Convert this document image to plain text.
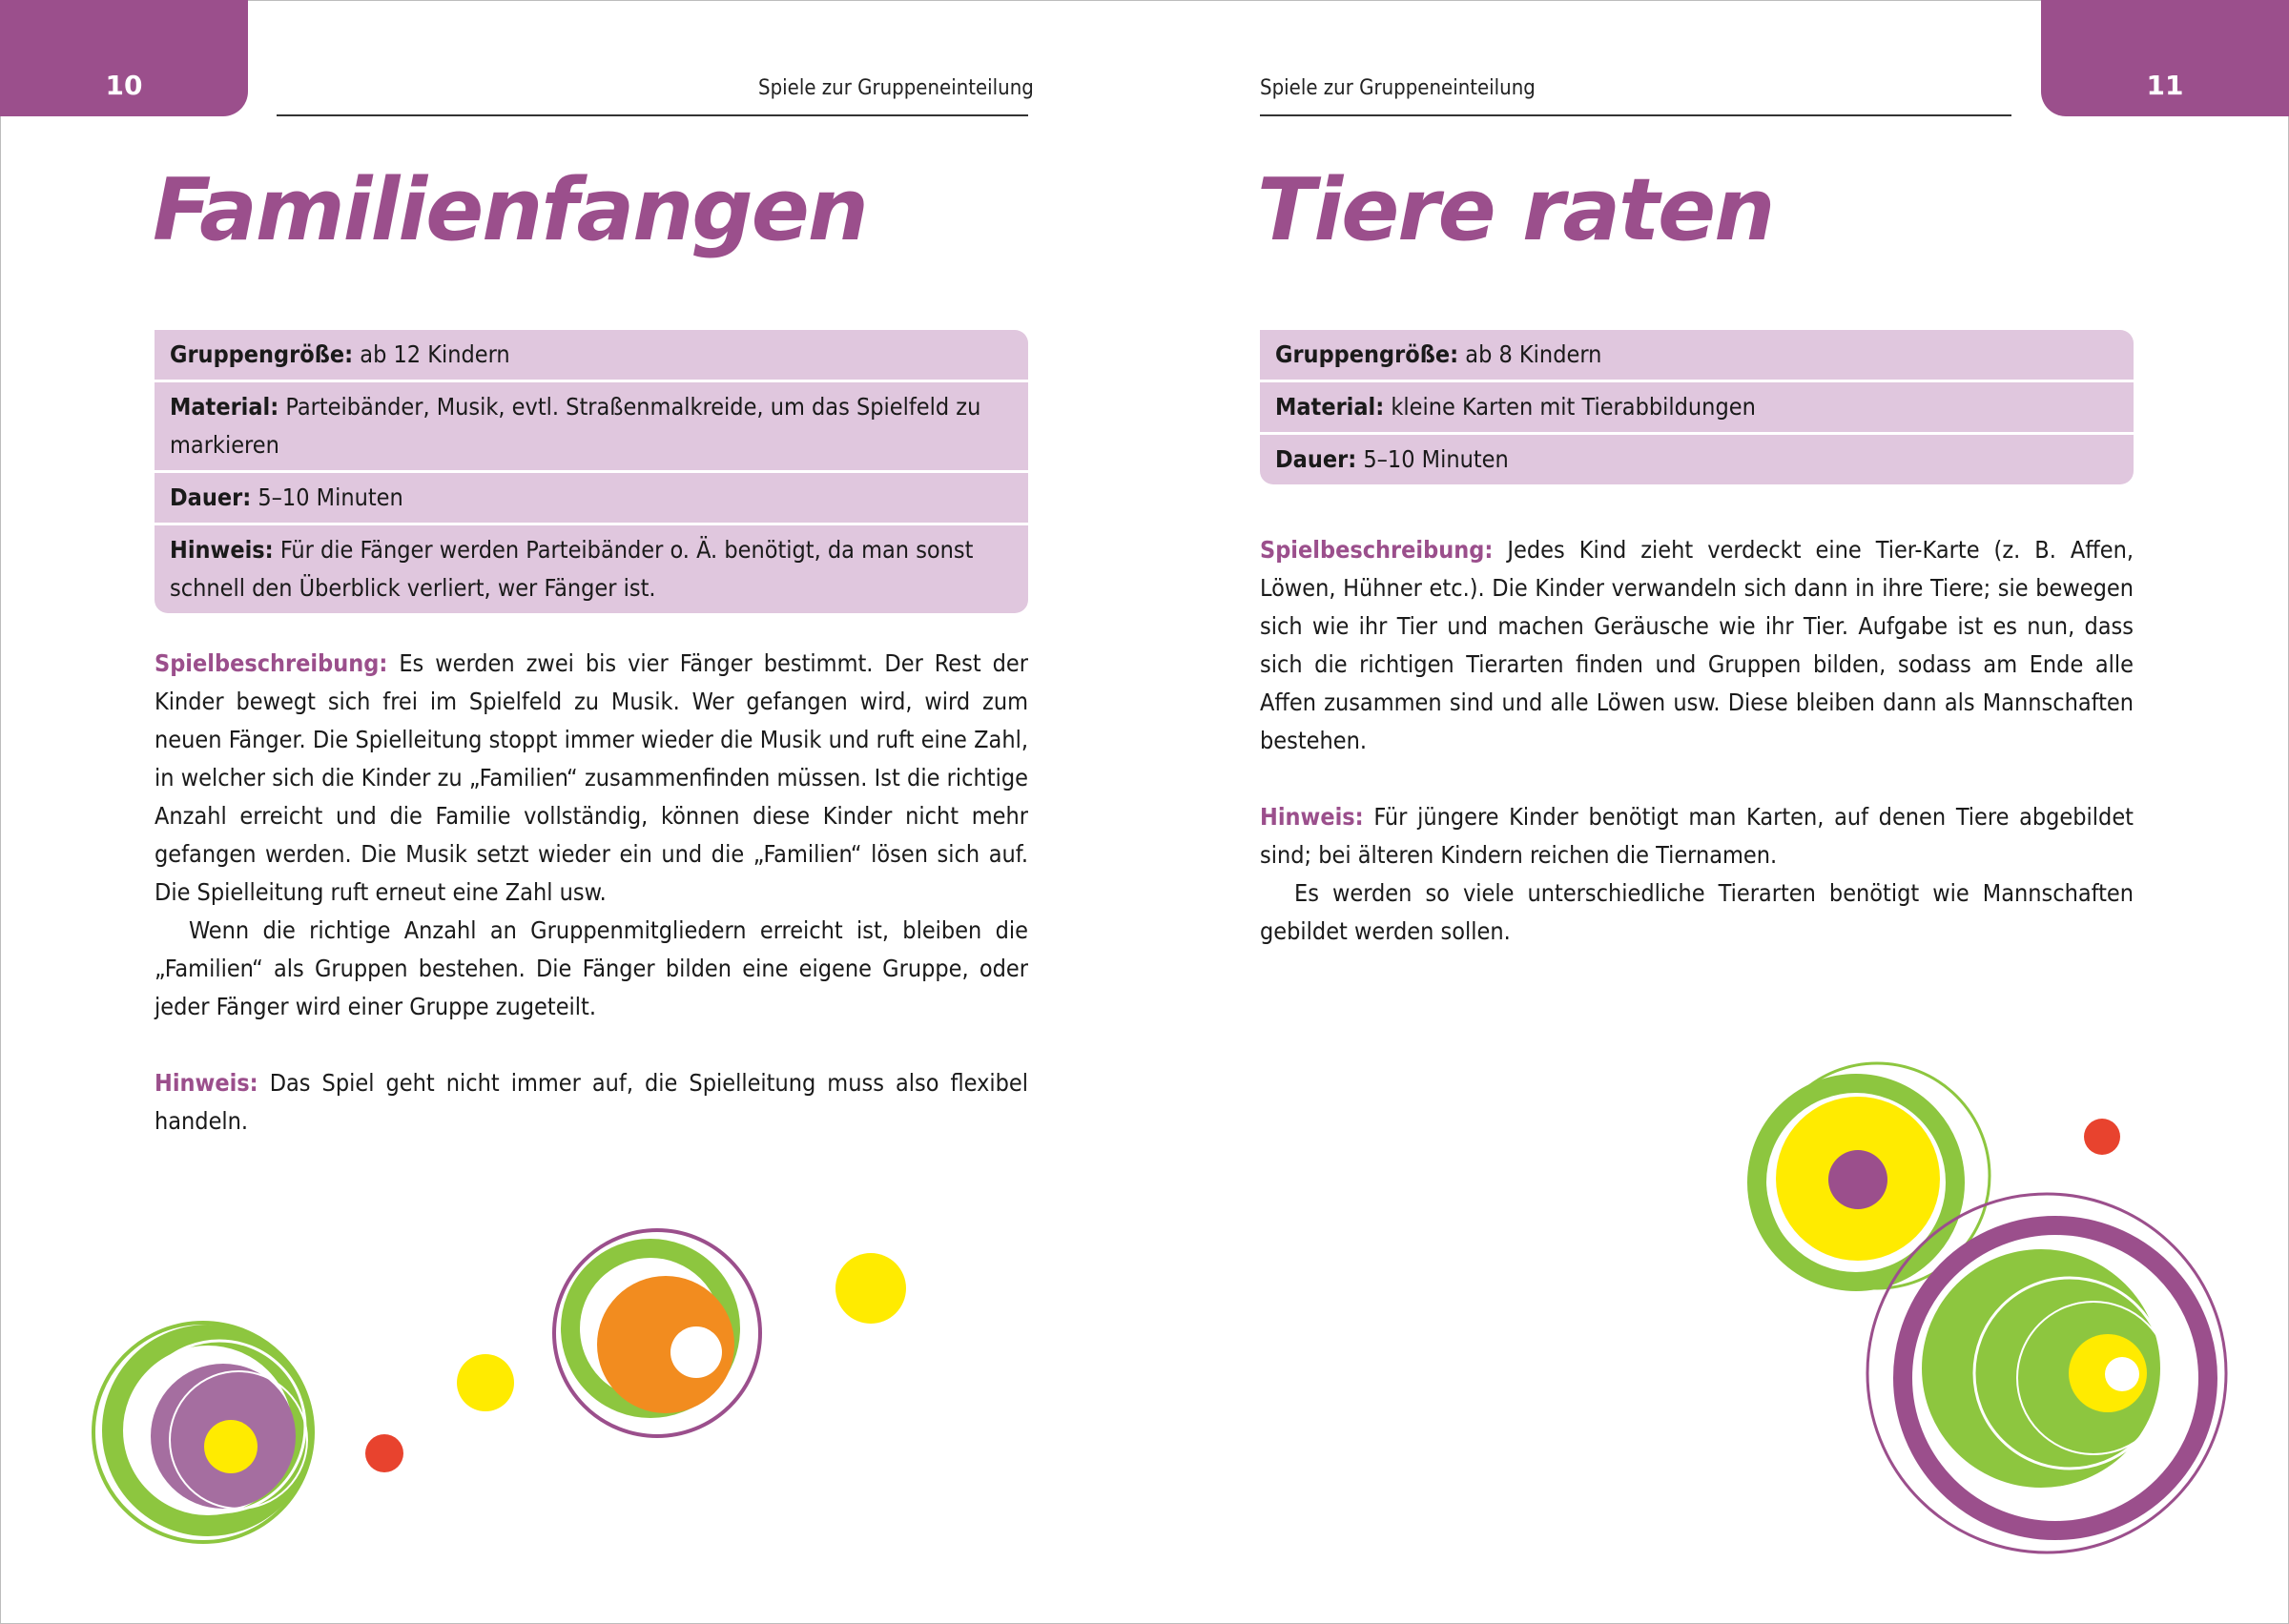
10	Spiele zur Gruppeneinteilung
Familienfangen
Gruppengröße: ab 12 Kindern
Material: Parteibänder, Musik, evtl. Straßenmalkreide, um das Spielfeld zu markieren
Dauer: 5–10 Minuten
Hinweis: Für die Fänger werden Parteibänder o. Ä. benötigt, da man sonst schnell den Überblick verliert, wer Fänger ist.

Spielbeschreibung: Es werden zwei bis vier Fänger bestimmt. Der Rest der Kinder bewegt sich frei im Spielfeld zu Musik. Wer gefangen wird, wird zum neuen Fänger. Die Spielleitung stoppt immer wieder die Musik und ruft eine Zahl, in welcher sich die Kinder zu „Familien“ zusammenfinden müssen. Ist die richtige Anzahl erreicht und die Familie vollständig, können diese Kinder nicht mehr gefangen werden. Die Musik setzt wieder ein und die „Familien“ lösen sich auf. Die Spielleitung ruft erneut eine Zahl usw.

Wenn die richtige Anzahl an Gruppenmitgliedern erreicht ist, bleiben die „Familien“ als Gruppen bestehen. Die Fänger bilden eine eigene Gruppe, oder jeder Fänger wird einer Gruppe zugeteilt.

Hinweis: Das Spiel geht nicht immer auf, die Spielleitung muss also flexibel handeln.

11
Spiele zur Gruppeneinteilung
Tiere raten
Gruppengröße: ab 8 Kindern
Material: kleine Karten mit Tierabbildungen
Dauer: 5–10 Minuten

Spielbeschreibung: Jedes Kind zieht verdeckt eine Tier-Karte (z. B. Affen, Löwen, Hühner etc.). Die Kinder verwandeln sich dann in ihre Tiere; sie bewegen sich wie ihr Tier und machen Geräusche wie ihr Tier. Aufgabe ist es nun, dass sich die richtigen Tierarten finden und Gruppen bilden, sodass am Ende alle Affen zusammen sind und alle Löwen usw. Diese bleiben dann als Mannschaften bestehen.

Hinweis: Für jüngere Kinder benötigt man Karten, auf denen Tiere abgebildet sind; bei älteren Kindern reichen die Tiernamen.

Es werden so viele unterschiedliche Tierarten benötigt wie Mannschaften gebildet werden sollen.
